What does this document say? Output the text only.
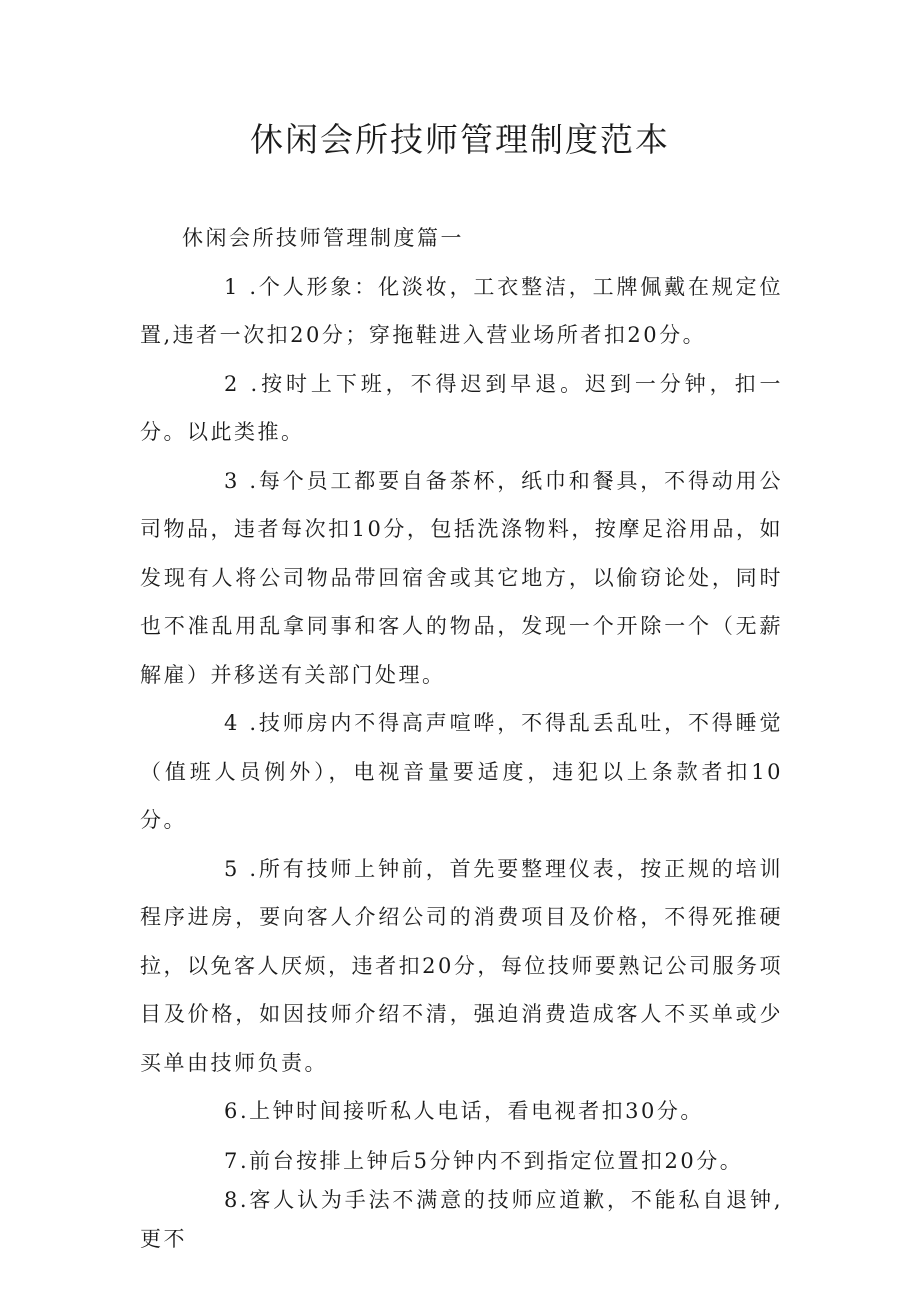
休闲会所技师管理制度范本

休闲会所技师管理制度篇一

1 .个人形象：化淡妆，工衣整洁，工牌佩戴在规定位置,违者一次扣20分；穿拖鞋进入营业场所者扣20分。

2 .按时上下班，不得迟到早退。迟到一分钟，扣一分。以此类推。

3 .每个员工都要自备茶杯，纸巾和餐具，不得动用公司物品，违者每次扣10分，包括洗涤物料，按摩足浴用品，如发现有人将公司物品带回宿舍或其它地方，以偷窃论处，同时也不准乱用乱拿同事和客人的物品，发现一个开除一个（无薪解雇）并移送有关部门处理。

4 .技师房内不得高声喧哗，不得乱丢乱吐，不得睡觉（值班人员例外），电视音量要适度，违犯以上条款者扣10分。

5 .所有技师上钟前，首先要整理仪表，按正规的培训程序进房，要向客人介绍公司的消费项目及价格，不得死推硬拉，以免客人厌烦，违者扣20分，每位技师要熟记公司服务项目及价格，如因技师介绍不清，强迫消费造成客人不买单或少买单由技师负责。

6.上钟时间接听私人电话，看电视者扣30分。

7.前台按排上钟后5分钟内不到指定位置扣20分。

8.客人认为手法不满意的技师应道歉，不能私自退钟,更不
